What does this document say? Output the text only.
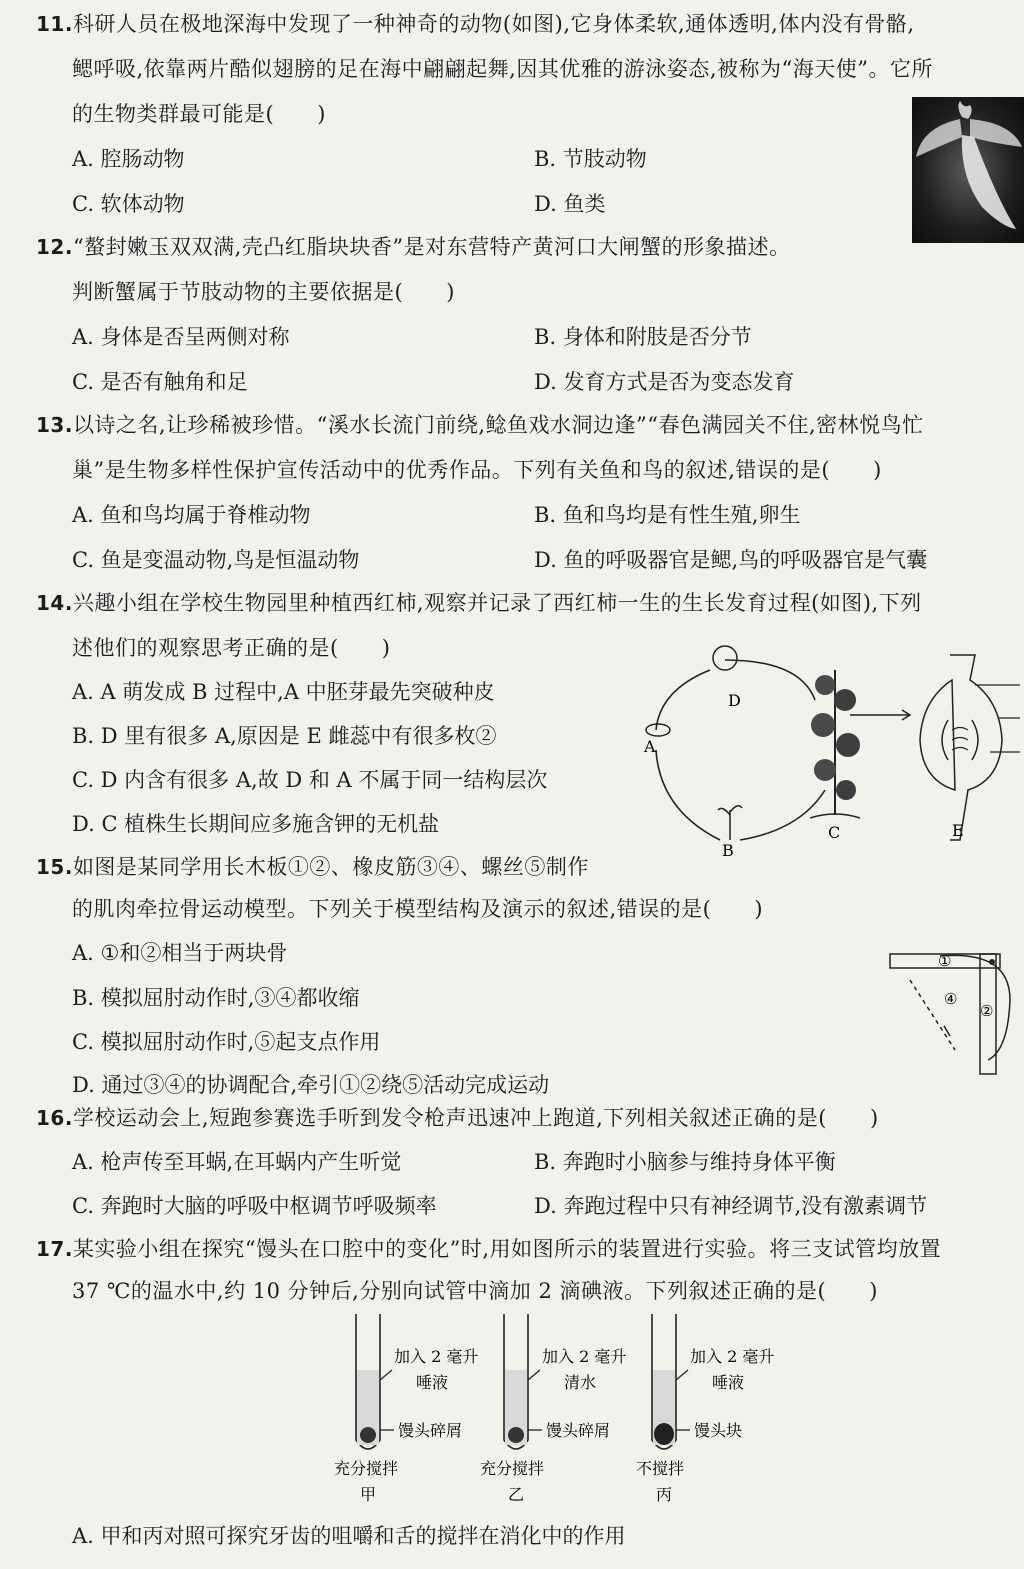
11.科研人员在极地深海中发现了一种神奇的动物(如图),它身体柔软,通体透明,体内没有骨骼,
鳃呼吸,依靠两片酷似翅膀的足在海中翩翩起舞,因其优雅的游泳姿态,被称为“海天使”。它所
的生物类群最可能是(　　)
A. 腔肠动物	B. 节肢动物
C. 软体动物	D. 鱼类
12.“螯封嫩玉双双满,壳凸红脂块块香”是对东营特产黄河口大闸蟹的形象描述。
判断蟹属于节肢动物的主要依据是(　　)
A. 身体是否呈两侧对称	B. 身体和附肢是否分节
C. 是否有触角和足	D. 发育方式是否为变态发育
13.以诗之名,让珍稀被珍惜。“溪水长流门前绕,鲶鱼戏水洞边逢”“春色满园关不住,密林悦鸟忙
巢”是生物多样性保护宣传活动中的优秀作品。下列有关鱼和鸟的叙述,错误的是(　　)
A. 鱼和鸟均属于脊椎动物	B. 鱼和鸟均是有性生殖,卵生
C. 鱼是变温动物,鸟是恒温动物	D. 鱼的呼吸器官是鳃,鸟的呼吸器官是气囊
14.兴趣小组在学校生物园里种植西红柿,观察并记录了西红柿一生的生长发育过程(如图),下列
述他们的观察思考正确的是(　　)
A. A 萌发成 B 过程中,A 中胚芽最先突破种皮
B. D 里有很多 A,原因是 E 雌蕊中有很多枚②
C. D 内含有很多 A,故 D 和 A 不属于同一结构层次
D. C 植株生长期间应多施含钾的无机盐
D
A
B
C	E
15.如图是某同学用长木板①②、橡皮筋③④、螺丝⑤制作
的肌肉牵拉骨运动模型。下列关于模型结构及演示的叙述,错误的是(　　)
A. ①和②相当于两块骨
B. 模拟屈肘动作时,③④都收缩
C. 模拟屈肘动作时,⑤起支点作用
D. 通过③④的协调配合,牵引①②绕⑤活动完成运动
①
②
④
16.学校运动会上,短跑参赛选手听到发令枪声迅速冲上跑道,下列相关叙述正确的是(　　)
A. 枪声传至耳蜗,在耳蜗内产生听觉	B. 奔跑时小脑参与维持身体平衡
C. 奔跑时大脑的呼吸中枢调节呼吸频率	D. 奔跑过程中只有神经调节,没有激素调节
17.某实验小组在探究“馒头在口腔中的变化”时,用如图所示的装置进行实验。将三支试管均放置
37 ℃的温水中,约 10 分钟后,分别向试管中滴加 2 滴碘液。下列叙述正确的是(　　)
加入 2 毫升
唾液
馒头碎屑
充分搅拌
甲
加入 2 毫升
清水
馒头碎屑
充分搅拌
乙
加入 2 毫升
唾液
馒头块
不搅拌
丙
A. 甲和丙对照可探究牙齿的咀嚼和舌的搅拌在消化中的作用
